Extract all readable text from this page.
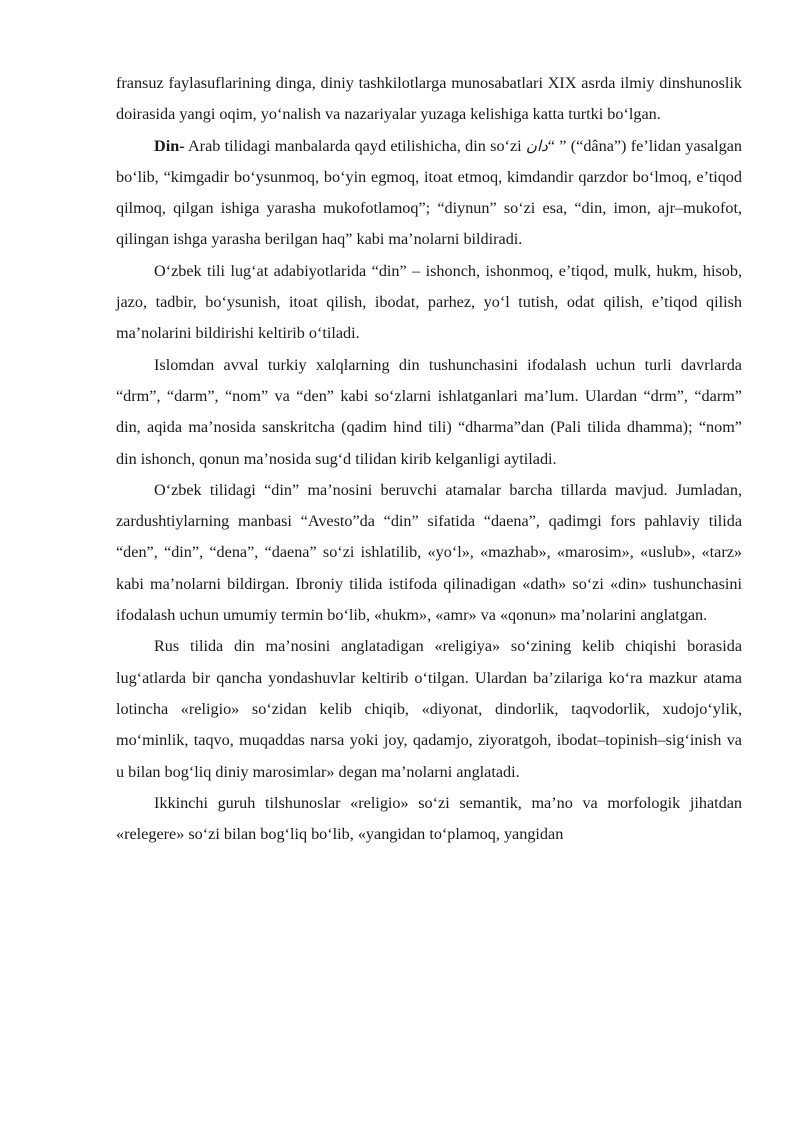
fransuz faylasuflarining dinga, diniy tashkilotlarga munosabatlari XIX asrda ilmiy dinshunoslik doirasida yangi oqim, yo‘nalish va nazariyalar yuzaga kelishiga katta turtki bo‘lgan.

Din- Arab tilidagi manbalarda qayd etilishicha, din so‘zi دان“ ” (“dâna”) fe’lidan yasalgan bo‘lib, “kimgadir bo‘ysunmoq, bo‘yin egmoq, itoat etmoq, kimdandir qarzdor bo‘lmoq, e’tiqod qilmoq, qilgan ishiga yarasha mukofotlamoq”; “diynun” so‘zi esa, “din, imon, ajr–mukofot, qilingan ishga yarasha berilgan haq” kabi ma’nolarni bildiradi.

O‘zbek tili lug‘at adabiyotlarida “din” – ishonch, ishonmoq, e’tiqod, mulk, hukm, hisob, jazo, tadbir, bo‘ysunish, itoat qilish, ibodat, parhez, yo‘l tutish, odat qilish, e’tiqod qilish ma’nolarini bildirishi keltirib o‘tiladi.

Islomdan avval turkiy xalqlarning din tushunchasini ifodalash uchun turli davrlarda “drm”, “darm”, “nom” va “den” kabi so‘zlarni ishlatganlari ma’lum. Ulardan “drm”, “darm” din, aqida ma’nosida sanskritcha (qadim hind tili) “dharma”dan (Pali tilida dhamma); “nom” din ishonch, qonun ma’nosida sug‘d tilidan kirib kelganligi aytiladi.

O‘zbek tilidagi “din” ma’nosini beruvchi atamalar barcha tillarda mavjud. Jumladan, zardushtiylarning manbasi “Avesto”da “din” sifatida “daena”, qadimgi fors pahlaviy tilida “den”, “din”, “dena”, “daena” so‘zi ishlatilib, «yo‘l», «mazhab», «marosim», «uslub», «tarz» kabi ma’nolarni bildirgan. Ibroniy tilida istifoda qilinadigan «dath» so‘zi «din» tushunchasini ifodalash uchun umumiy termin bo‘lib, «hukm», «amr» va «qonun» ma’nolarini anglatgan.

Rus tilida din ma’nosini anglatadigan «religiya» so‘zining kelib chiqishi borasida lug‘atlarda bir qancha yondashuvlar keltirib o‘tilgan. Ulardan ba’zilariga ko‘ra mazkur atama lotincha «religio» so‘zidan kelib chiqib, «diyonat, dindorlik, taqvodorlik, xudojo‘ylik, mo‘minlik, taqvo, muqaddas narsa yoki joy, qadamjo, ziyoratgoh, ibodat–topinish–sig‘inish va u bilan bog‘liq diniy marosimlar» degan ma’nolarni anglatadi.

Ikkinchi guruh tilshunoslar «religio» so‘zi semantik, ma’no va morfologik jihatdan «relegere» so‘zi bilan bog‘liq bo‘lib, «yangidan to‘plamoq, yangidan
